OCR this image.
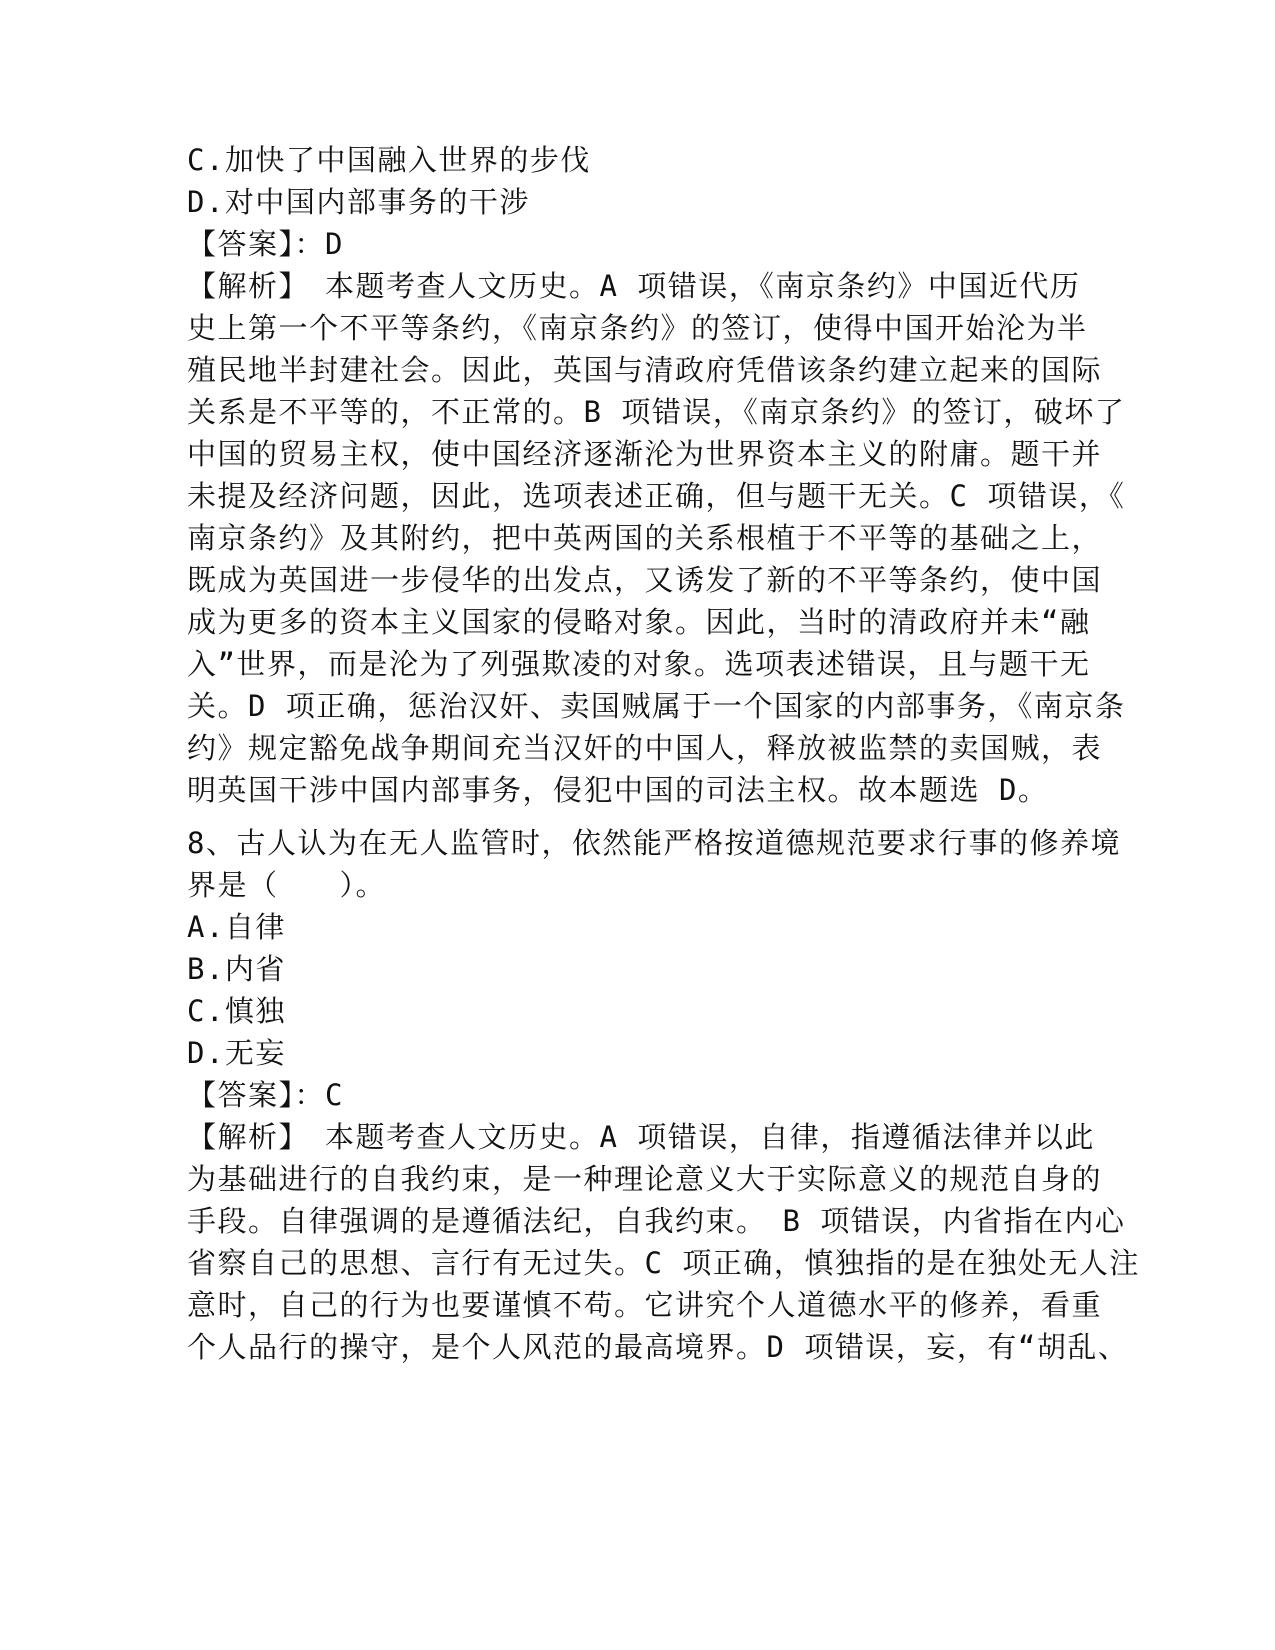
C.加快了中国融入世界的步伐
D.对中国内部事务的干涉
【答案】：D
【解析】　本题考查人文历史。A 项错误，《南京条约》中国近代历
史上第一个不平等条约，《南京条约》的签订，使得中国开始沦为半
殖民地半封建社会。因此，英国与清政府凭借该条约建立起来的国际
关系是不平等的，不正常的。B 项错误，《南京条约》的签订，破坏了
中国的贸易主权，使中国经济逐渐沦为世界资本主义的附庸。题干并
未提及经济问题，因此，选项表述正确，但与题干无关。C 项错误，《
南京条约》及其附约，把中英两国的关系根植于不平等的基础之上，
既成为英国进一步侵华的出发点，又诱发了新的不平等条约，使中国
成为更多的资本主义国家的侵略对象。因此，当时的清政府并未“融
入”世界，而是沦为了列强欺凌的对象。选项表述错误，且与题干无
关。D 项正确，惩治汉奸、卖国贼属于一个国家的内部事务，《南京条
约》规定豁免战争期间充当汉奸的中国人，释放被监禁的卖国贼，表
明英国干涉中国内部事务，侵犯中国的司法主权。故本题选 D。
8、古人认为在无人监管时，依然能严格按道德规范要求行事的修养境
界是（　　）。
A.自律
B.内省
C.慎独
D.无妄
【答案】：C
【解析】　本题考查人文历史。A 项错误，自律，指遵循法律并以此
为基础进行的自我约束，是一种理论意义大于实际意义的规范自身的
手段。自律强调的是遵循法纪，自我约束。　B 项错误，内省指在内心
省察自己的思想、言行有无过失。C 项正确，慎独指的是在独处无人注
意时，自己的行为也要谨慎不苟。它讲究个人道德水平的修养，看重
个人品行的操守，是个人风范的最高境界。D 项错误，妄，有“胡乱、
